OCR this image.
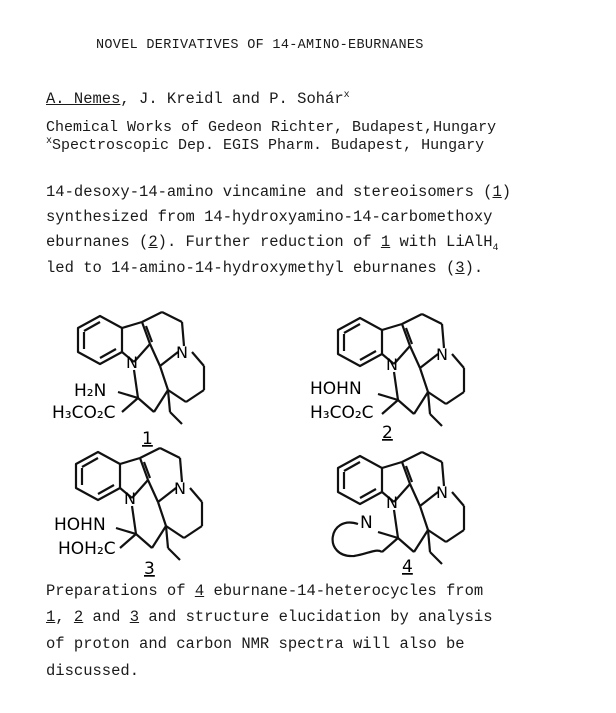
NOVEL DERIVATIVES OF 14-AMINO-EBURNANES
A. Nemes, J. Kreidl and P. Sohár$^x$
Chemical Works of Gedeon Richter, Budapest,Hungary
$^x$Spectroscopic Dep. EGIS Pharm. Budapest, Hungary
14-desoxy-14-amino vincamine and stereoisomers (1)
synthesized from 14-hydroxyamino-14-carbomethoxy
eburnanes (2). Further reduction of 1 with LiAlH$_4$
led to 14-amino-14-hydroxymethyl eburnanes (3).
N
N
H₂N
H₃CO₂C
1
N
N
HOHN
H₃CO₂C
2
N
N
HOHN
HOH₂C
3
N
N
N
4
Preparations of 4 eburnane-14-heterocycles from
1, 2 and 3 and structure elucidation by analysis
of proton and carbon NMR spectra will also be
discussed.
